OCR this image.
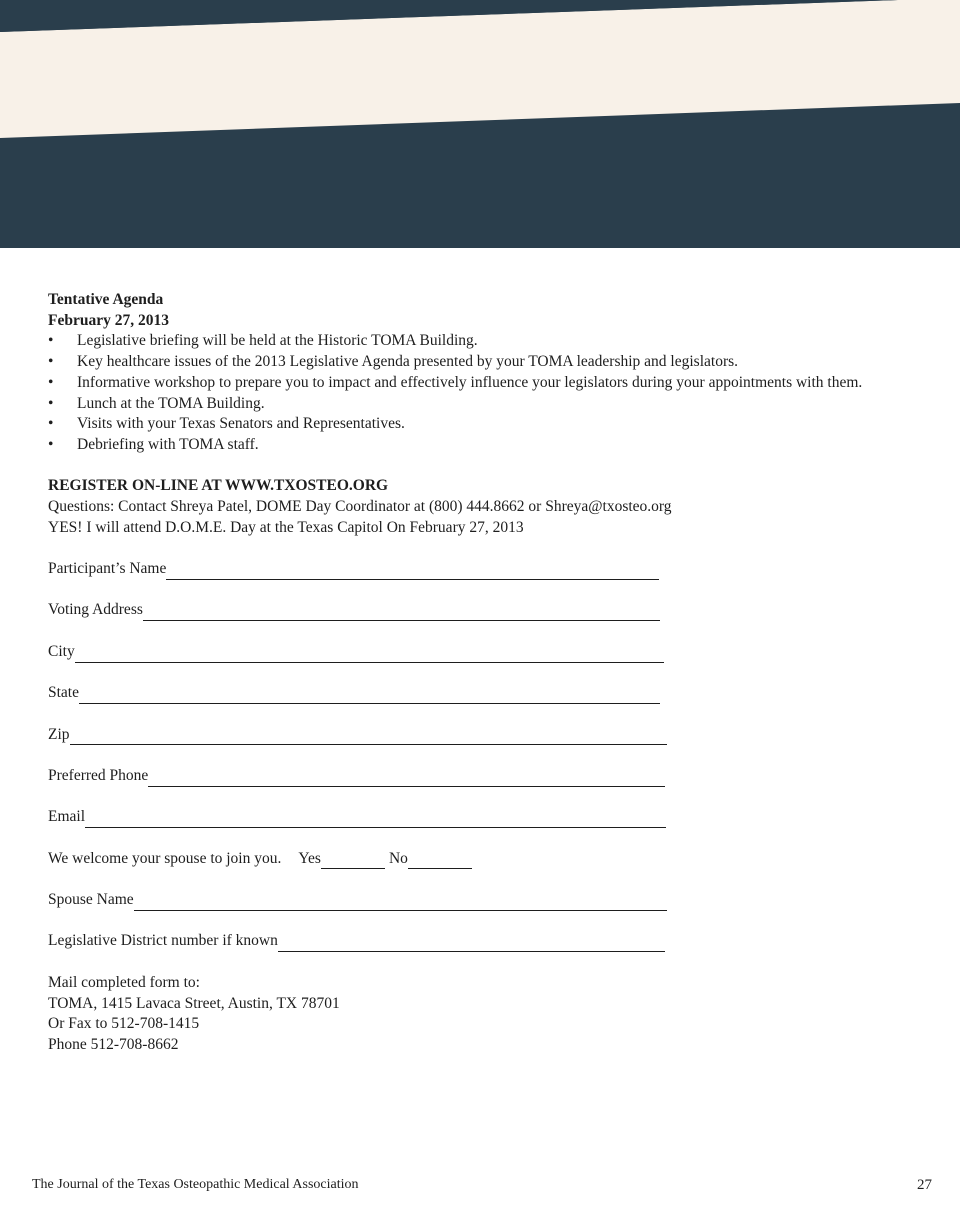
Tentative Agenda
February 27, 2013
• Legislative briefing will be held at the Historic TOMA Building.
• Key healthcare issues of the 2013 Legislative Agenda presented by your TOMA leadership and legislators.
• Informative workshop to prepare you to impact and effectively influence your legislators during your appointments with them.
• Lunch at the TOMA Building.
• Visits with your Texas Senators and Representatives.
• Debriefing with TOMA staff.
REGISTER ON-LINE AT WWW.TXOSTEO.ORG
Questions: Contact Shreya Patel, DOME Day Coordinator at (800) 444.8662 or Shreya@txosteo.org
YES! I will attend D.O.M.E. Day at the Texas Capitol On February 27, 2013
Participant’s Name
Voting Address
City
State
Zip
Preferred Phone
Email
We welcome your spouse to join you. Yes	No
Spouse Name
Legislative District number if known
Mail completed form to:
TOMA, 1415 Lavaca Street, Austin, TX 78701
Or Fax to 512-708-1415
Phone 512-708-8662
The Journal of the Texas Osteopathic Medical Association	27
